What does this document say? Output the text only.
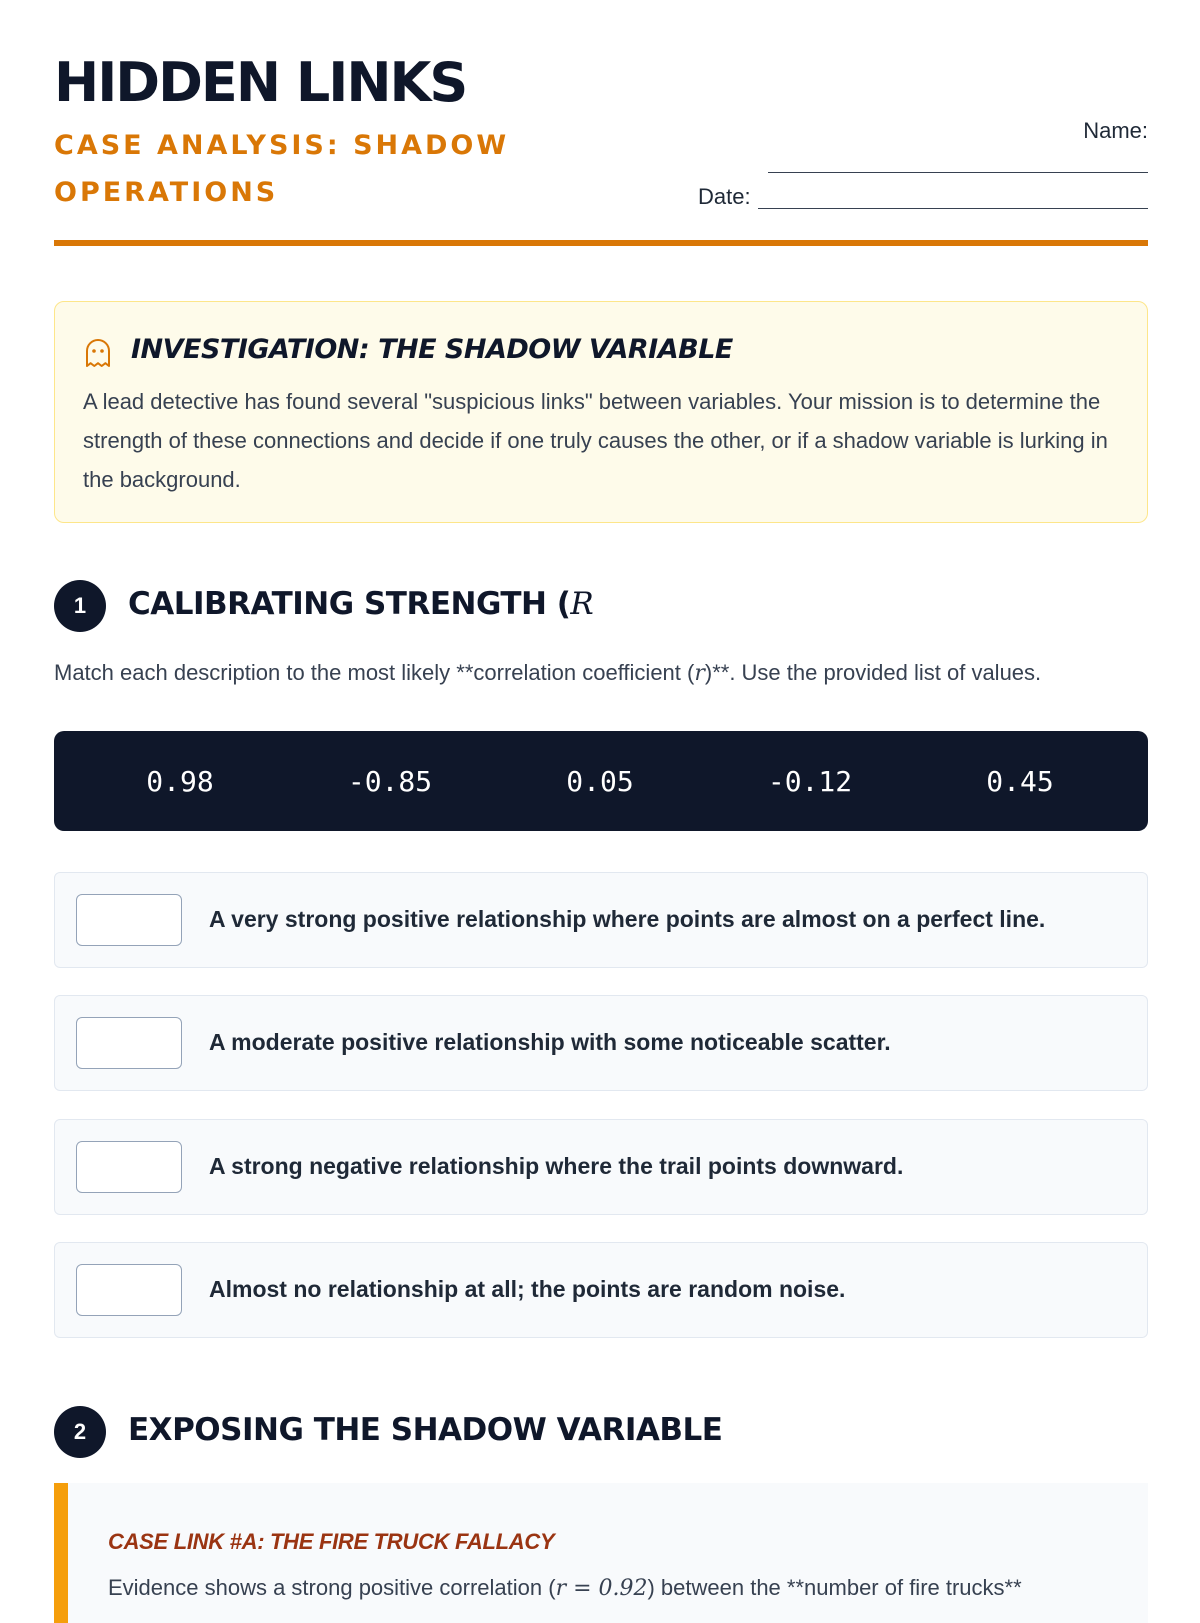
HIDDEN LINKS
CASE ANALYSIS: SHADOW OPERATIONS
Name:
Date:
INVESTIGATION: THE SHADOW VARIABLE
A lead detective has found several "suspicious links" between variables. Your mission is to determine the strength of these connections and decide if one truly causes the other, or if a shadow variable is lurking in the background.
1	CALIBRATING STRENGTH (R
Match each description to the most likely **correlation coefficient (r)**. Use the provided list of values.
0.98	-0.85	0.05	-0.12	0.45
A very strong positive relationship where points are almost on a perfect line.
A moderate positive relationship with some noticeable scatter.
A strong negative relationship where the trail points downward.
Almost no relationship at all; the points are random noise.
2	EXPOSING THE SHADOW VARIABLE
CASE LINK #A: THE FIRE TRUCK FALLACY
Evidence shows a strong positive correlation (r = 0.92) between the **number of fire trucks**
